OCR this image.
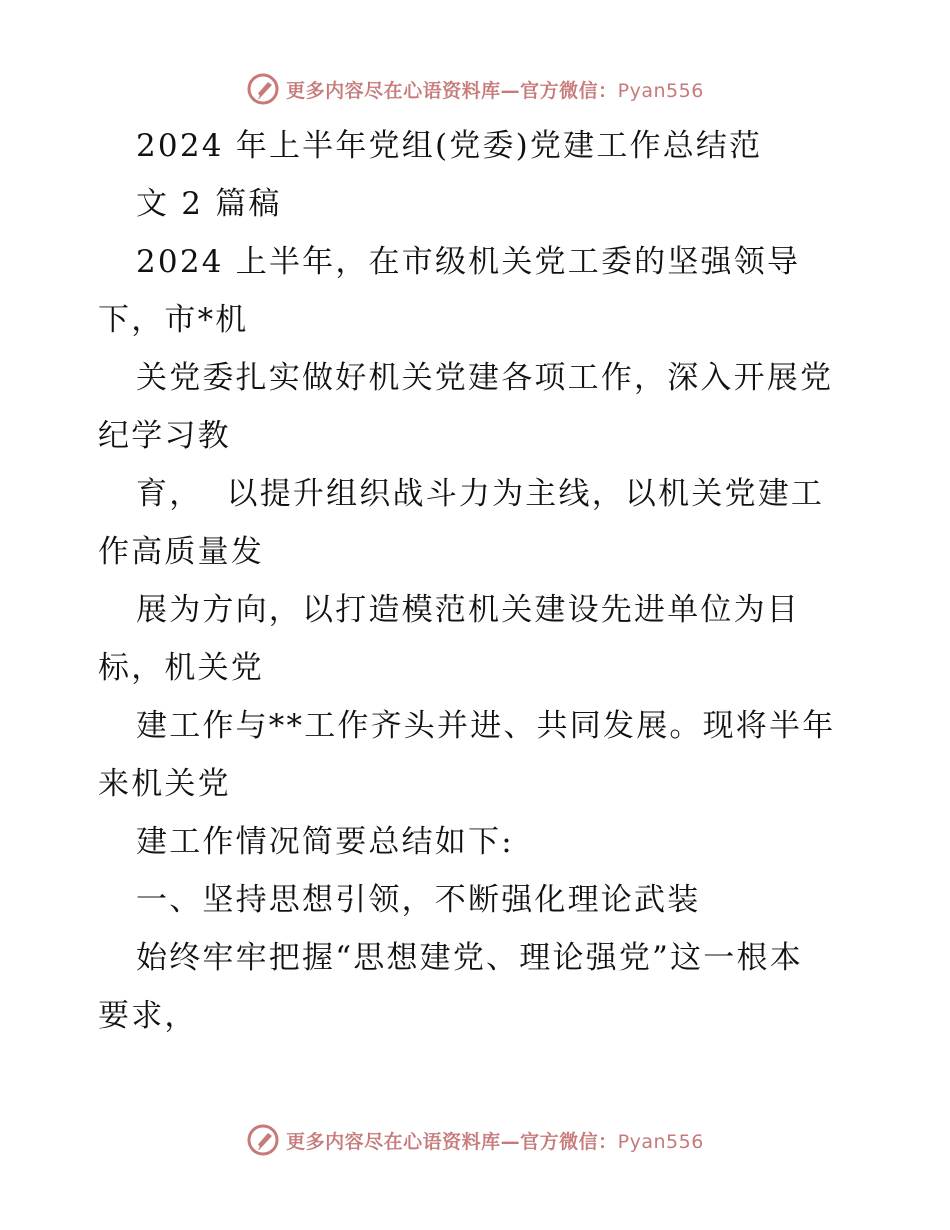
更多内容尽在心语资料库—官方微信：Pyan556
2024 年上半年党组(党委)党建工作总结范
文 2 篇稿
2024 上半年，在市级机关党工委的坚强领导
下，市*机
关党委扎实做好机关党建各项工作，深入开展党
纪学习教
育，  以提升组织战斗力为主线，以机关党建工
作高质量发
展为方向，以打造模范机关建设先进单位为目
标，机关党
建工作与**工作齐头并进、共同发展。现将半年
来机关党
建工作情况简要总结如下:
一、坚持思想引领，不断强化理论武装
始终牢牢把握“思想建党、理论强党”这一根本
要求，
更多内容尽在心语资料库—官方微信：Pyan556
